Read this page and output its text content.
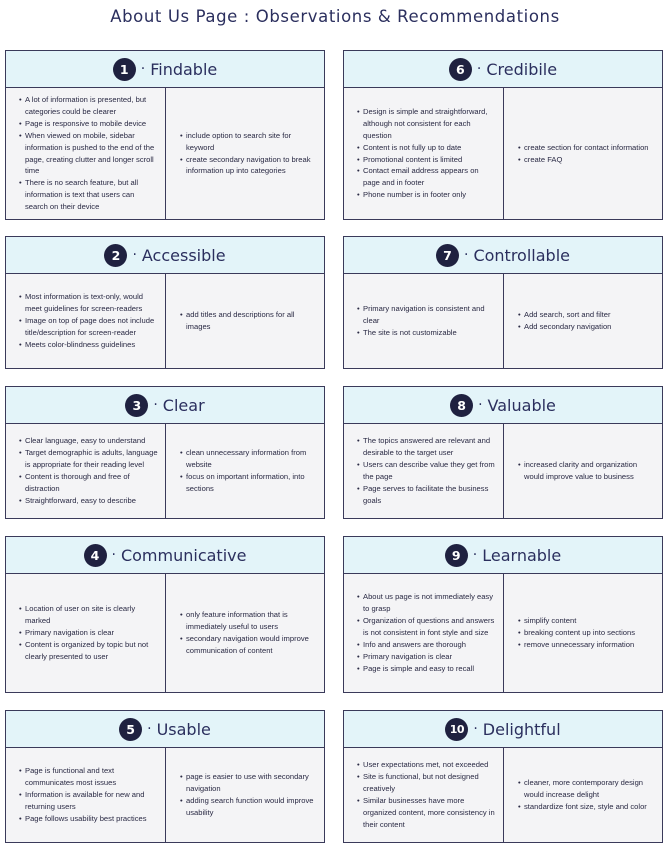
About Us Page : Observations & Recommendations
1 · Findable
• A lot of information is presented, but categories could be clearer
• Page is responsive to mobile device
• When viewed on mobile, sidebar information is pushed to the end of the page, creating clutter and longer scroll time
• There is no search feature, but all information is text that users can search on their device
• include option to search site for keyword
• create secondary navigation to break information up into categories
2 · Accessible
• Most information is text-only, would meet guidelines for screen-readers
• Image on top of page does not include title/description for screen-reader
• Meets color-blindness guidelines
• add titles and descriptions for all images
3 · Clear
• Clear language, easy to understand
• Target demographic is adults, language is appropriate for their reading level
• Content is thorough and free of distraction
• Straightforward, easy to describe
• clean unnecessary information from website
• focus on important information, into sections
4 · Communicative
• Location of user on site is clearly marked
• Primary navigation is clear
• Content is organized by topic but not clearly presented to user
• only feature information that is immediately useful to users
• secondary navigation would improve communication of content
5 · Usable
• Page is functional and text communicates most issues
• Information is available for new and returning users
• Page follows usability best practices
• page is easier to use with secondary navigation
• adding search function would improve usability
6 · Credibile
• Design is simple and straightforward, although not consistent for each question
• Content is not fully up to date
• Promotional content is limited
• Contact email address appears on page and in footer
• Phone number is in footer only
• create section for contact information
• create FAQ
7 · Controllable
• Primary navigation is consistent and clear
• The site is not customizable
• Add search, sort and filter
• Add secondary navigation
8 · Valuable
• The topics answered are relevant and desirable to the target user
• Users can describe value they get from the page
• Page serves to facilitate the business goals
• increased clarity and organization would improve value to business
9 · Learnable
• About us page is not immediately easy to grasp
• Organization of questions and answers is not consistent in font style and size
• Info and answers are thorough
• Primary navigation is clear
• Page is simple and easy to recall
• simplify content
• breaking content up into sections
• remove unnecessary information
10 · Delightful
• User expectations met, not exceeded
• Site is functional, but not designed creatively
• Similar businesses have more organized content, more consistency in their content
• cleaner, more contemporary design would increase delight
• standardize font size, style and color
